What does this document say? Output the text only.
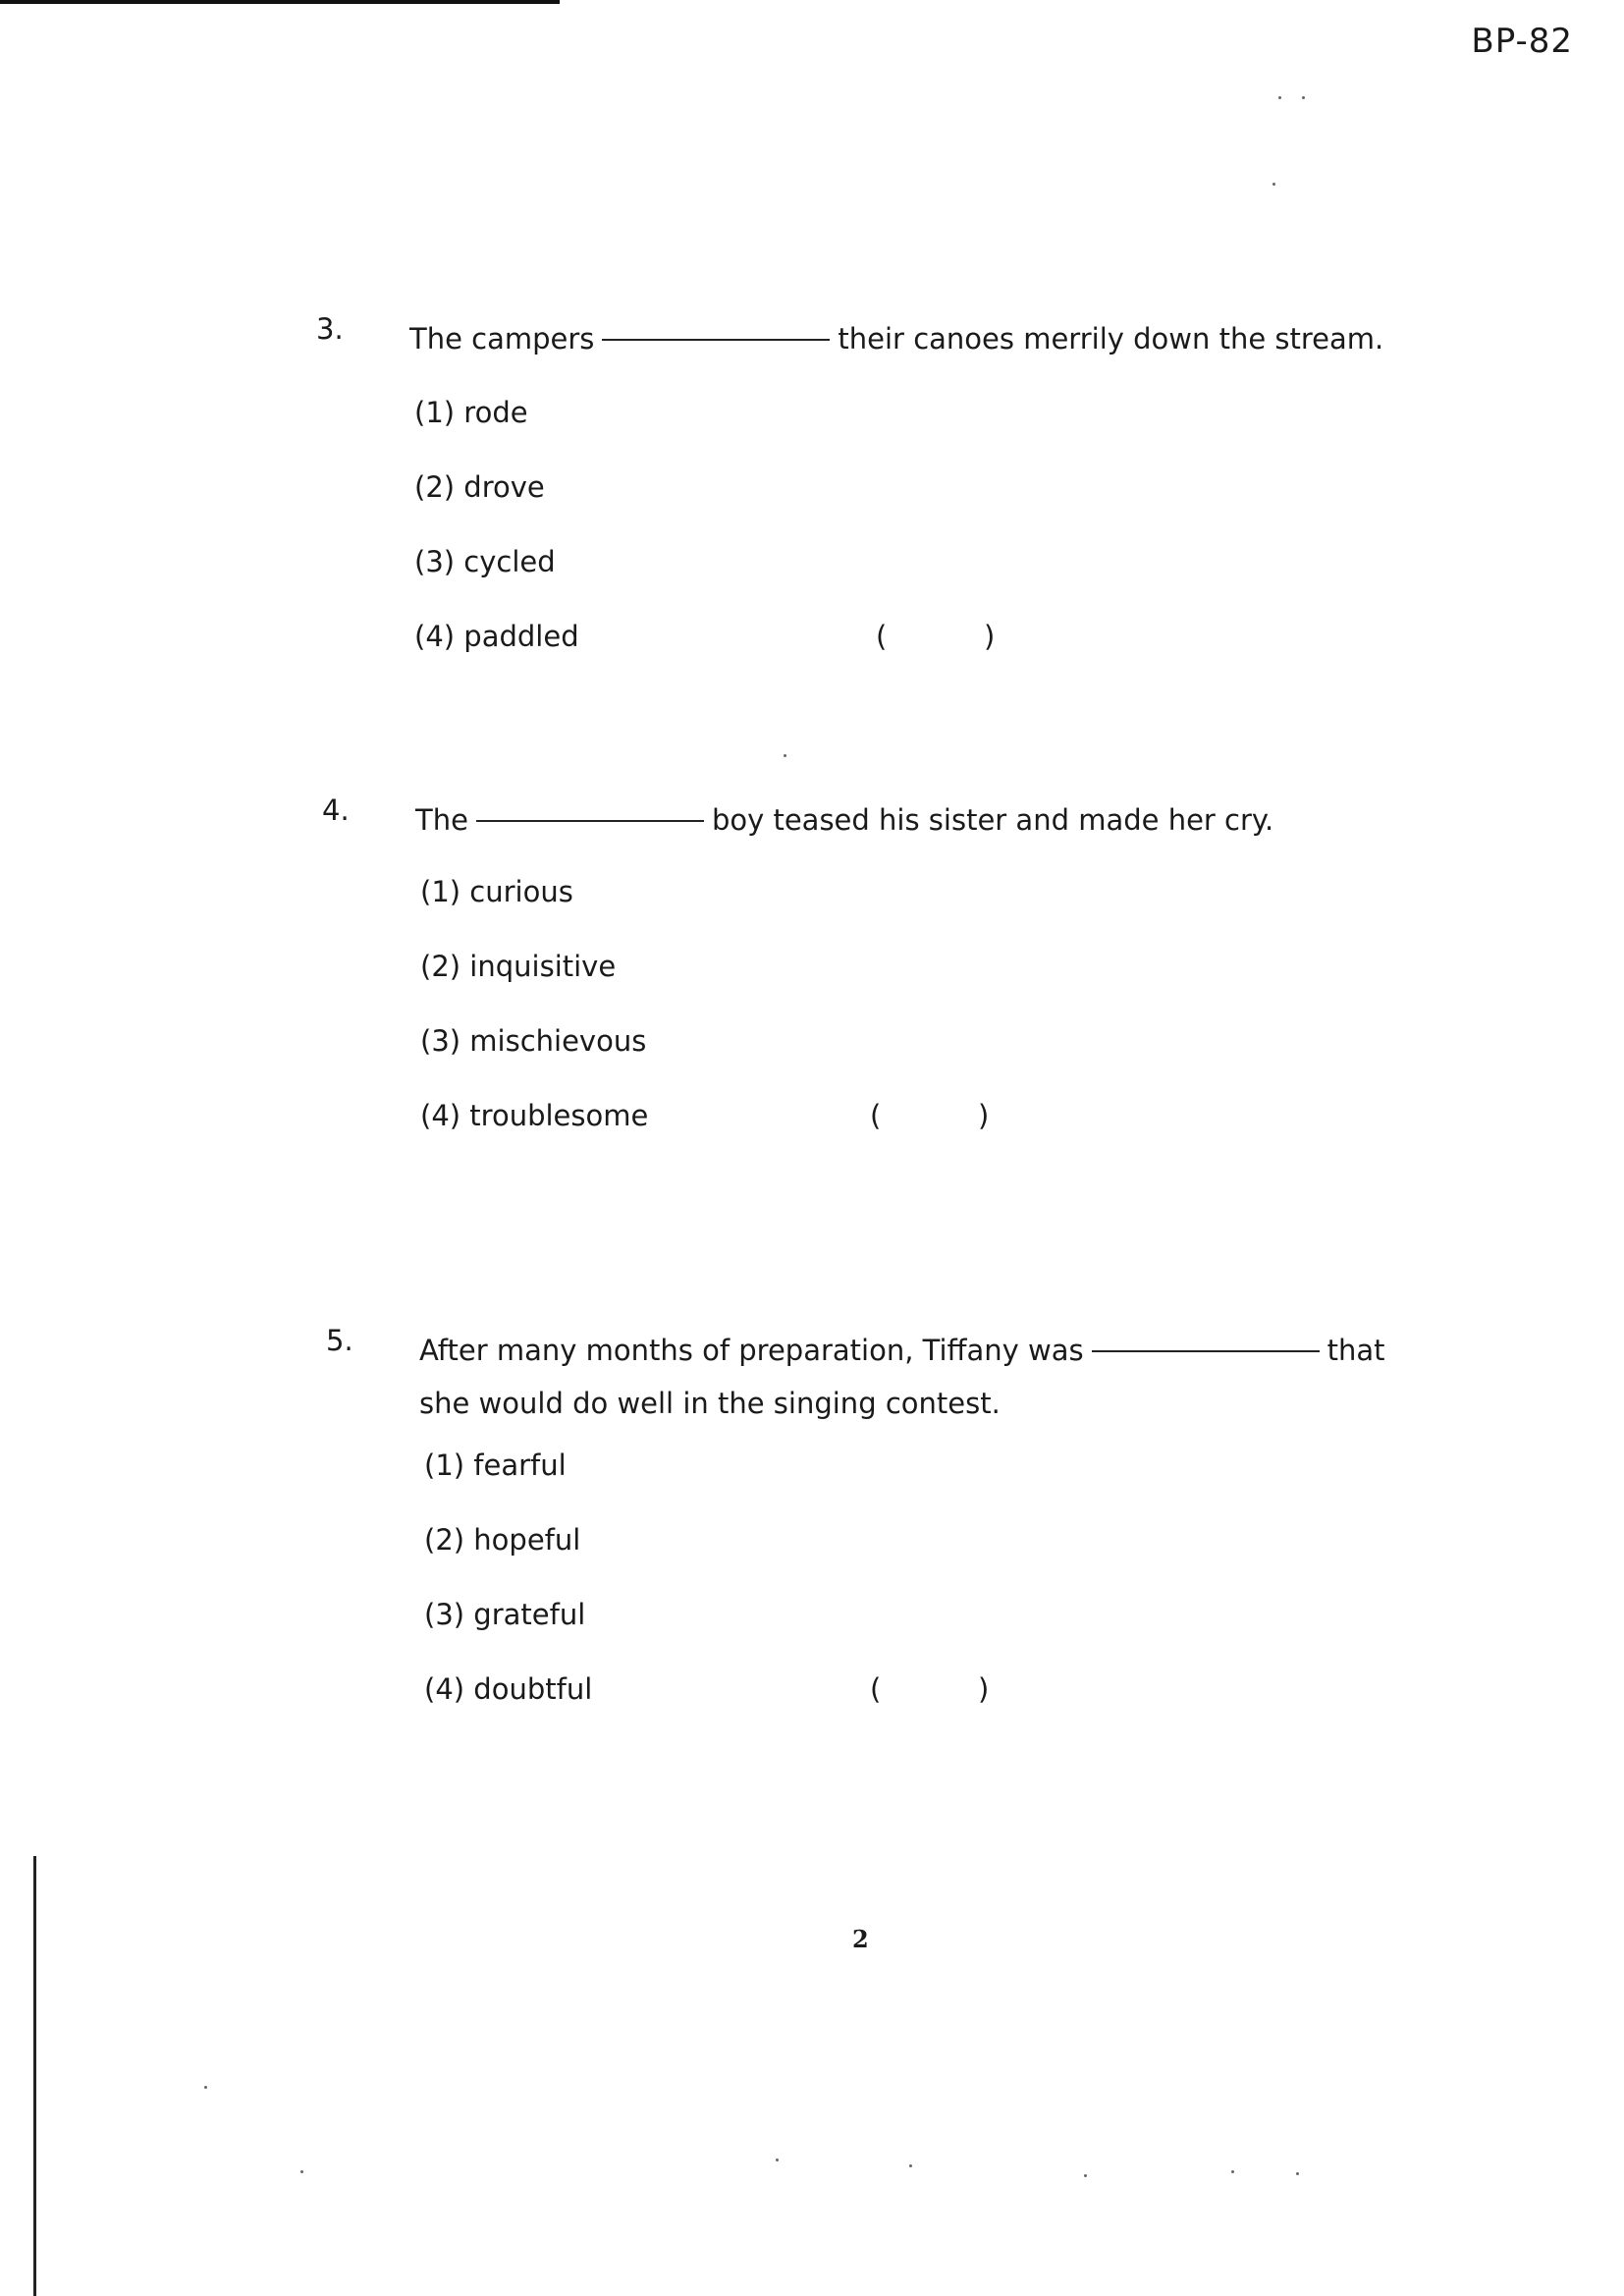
BP-82
3. The campers	their canoes merrily down the stream.
(1) rode
(2) drove
(3) cycled
(4) paddled	(	)
4. The	boy teased his sister and made her cry.
(1) curious
(2) inquisitive
(3) mischievous
(4) troublesome	(	)
5. After many months of preparation, Tiffany was	that
she would do well in the singing contest.
(1) fearful
(2) hopeful
(3) grateful
(4) doubtful	(	)
2
